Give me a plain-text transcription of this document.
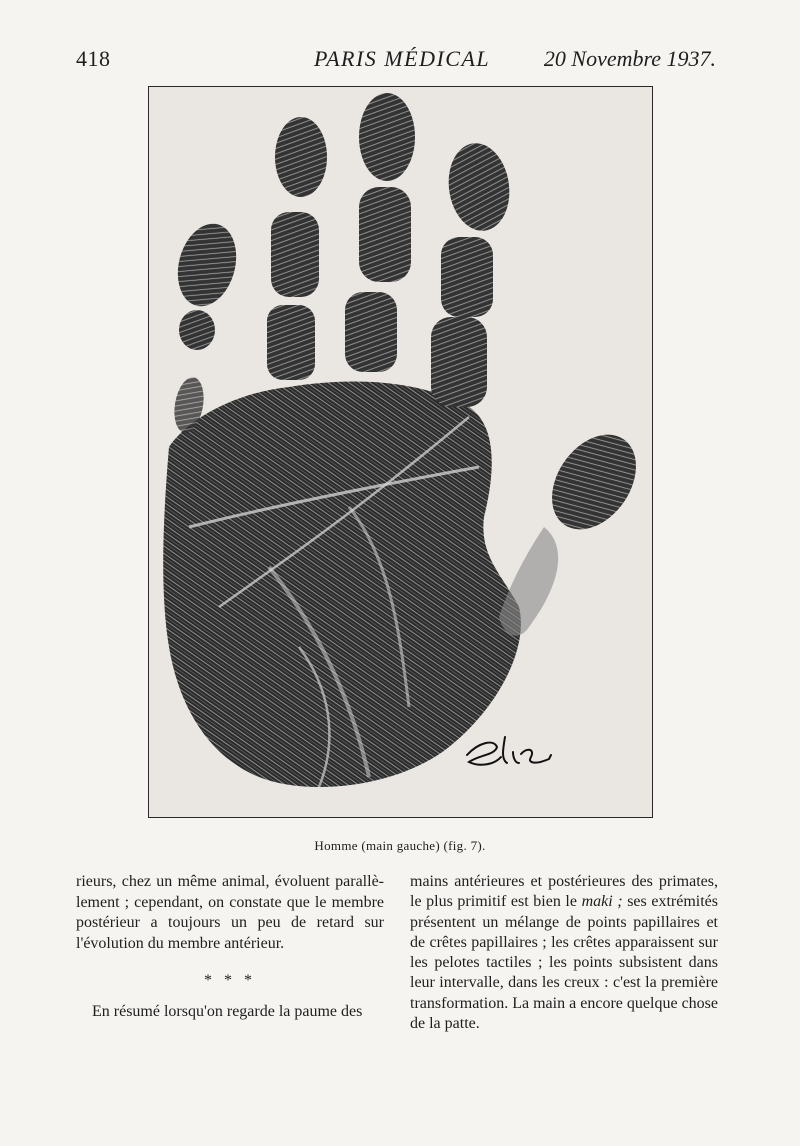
418	PARIS MÉDICAL 20 Novembre 1937.
Homme (main gauche) (fig. 7).

rieurs, chez un même animal, évoluent parallèlement ; cependant, on constate que le membre postérieur a toujours un peu de retard sur l'évolution du membre antérieur.

* * *

En résumé lorsqu'on regarde la paume des

mains antérieures et postérieures des primates, le plus primitif est bien le maki ; ses extrémités présentent un mélange de points papillaires et de crêtes papillaires ; les crêtes apparaissent sur les pelotes tactiles ; les points subsistent dans leur intervalle, dans les creux : c'est la première transformation. La main a encore quelque chose de la patte.
